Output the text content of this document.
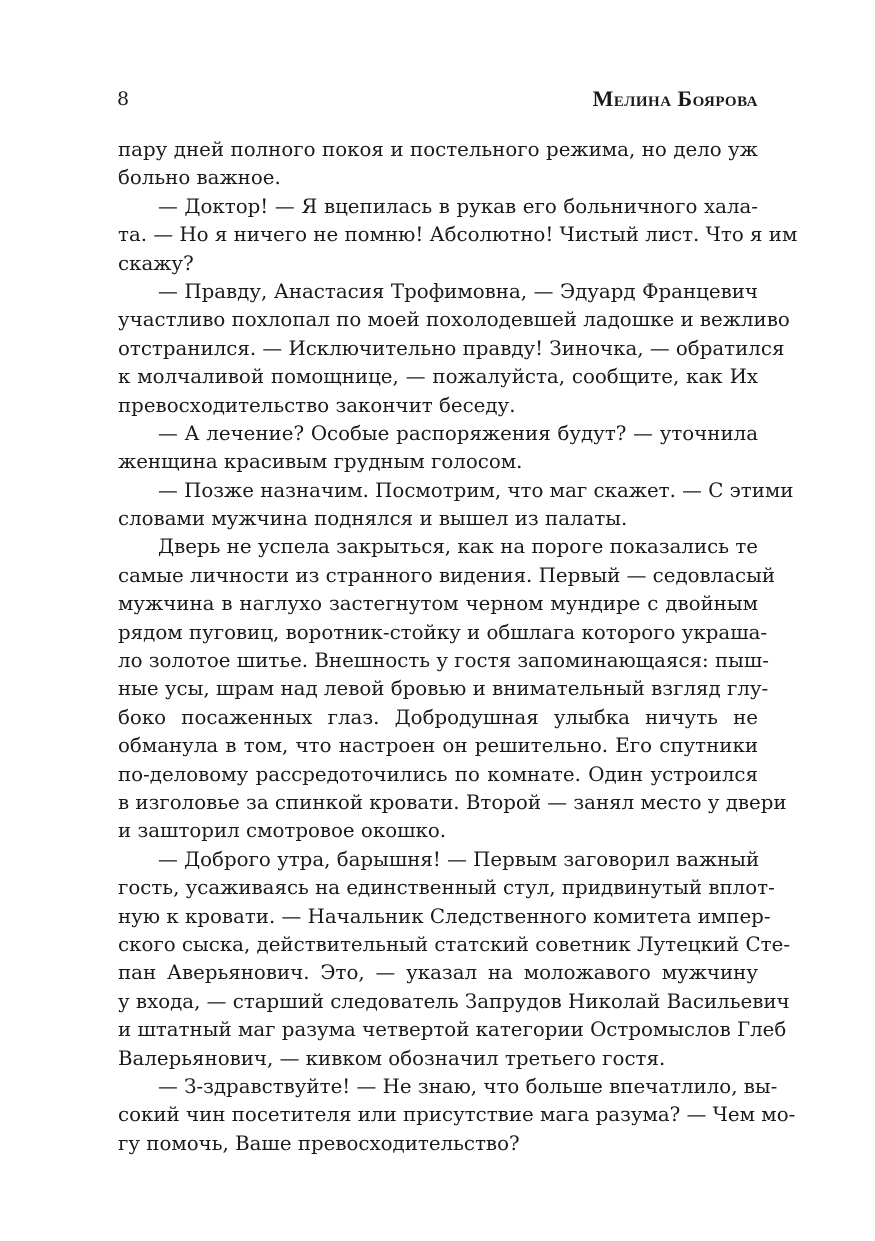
8	Мелина Боярова
пару дней полного покоя и постельного режима, но дело уж
больно важное.
— Доктор! — Я вцепилась в рукав его больничного хала-
та. — Но я ничего не помню! Абсолютно! Чистый лист. Что я им
скажу?
— Правду, Анастасия Трофимовна, — Эдуард Францевич
участливо похлопал по моей похолодевшей ладошке и вежливо
отстранился. — Исключительно правду! Зиночка, — обратился
к молчаливой помощнице, — пожалуйста, сообщите, как Их
превосходительство закончит беседу.
— А лечение? Особые распоряжения будут? — уточнила
женщина красивым грудным голосом.
— Позже назначим. Посмотрим, что маг скажет. — С этими
словами мужчина поднялся и вышел из палаты.
Дверь не успела закрыться, как на пороге показались те
самые личности из странного видения. Первый — седовласый
мужчина в наглухо застегнутом черном мундире с двойным
рядом пуговиц, воротник-стойку и обшлага которого украша-
ло золотое шитье. Внешность у гостя запоминающаяся: пыш-
ные усы, шрам над левой бровью и внимательный взгляд глу-
боко посаженных глаз. Добродушная улыбка ничуть не
обманула в том, что настроен он решительно. Его спутники
по-деловому рассредоточились по комнате. Один устроился
в изголовье за спинкой кровати. Второй — занял место у двери
и зашторил смотровое окошко.
— Доброго утра, барышня! — Первым заговорил важный
гость, усаживаясь на единственный стул, придвинутый вплот-
ную к кровати. — Начальник Следственного комитета импер-
ского сыска, действительный статский советник Лутецкий Сте-
пан Аверьянович. Это, — указал на моложавого мужчину
у входа, — старший следователь Запрудов Николай Васильевич
и штатный маг разума четвертой категории Остромыслов Глеб
Валерьянович, — кивком обозначил третьего гостя.
— З-здравствуйте! — Не знаю, что больше впечатлило, вы-
сокий чин посетителя или присутствие мага разума? — Чем мо-
гу помочь, Ваше превосходительство?
